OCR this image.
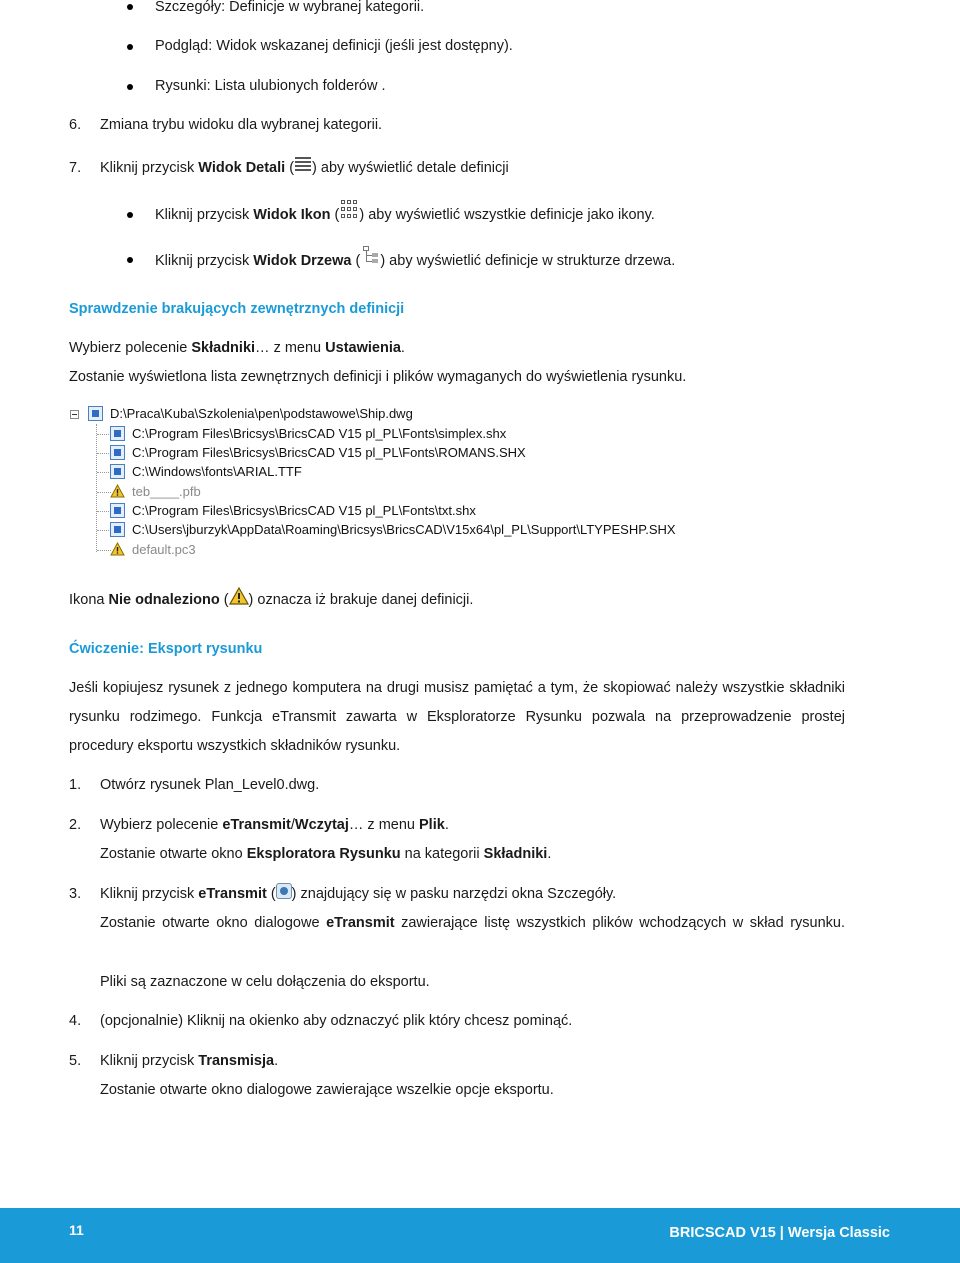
Szczegóły: Definicje w wybranej kategorii.
Podgląd: Widok wskazanej definicji (jeśli jest dostępny).
Rysunki: Lista ulubionych folderów .
6. Zmiana trybu widoku dla wybranej kategorii.
7. Kliknij przycisk Widok Detali ( ) aby wyświetlić detale definicji
Kliknij przycisk Widok Ikon ( ) aby wyświetlić wszystkie definicje jako ikony.
Kliknij przycisk Widok Drzewa ( ) aby wyświetlić definicje w strukturze drzewa.
Sprawdzenie brakujących zewnętrznych definicji
Wybierz polecenie Składniki… z menu Ustawienia.
Zostanie wyświetlona lista zewnętrznych definicji i plików wymaganych do wyświetlenia rysunku.
D:\Praca\Kuba\Szkolenia\pen\podstawowe\Ship.dwg
C:\Program Files\Bricsys\BricsCAD V15 pl_PL\Fonts\simplex.shx
C:\Program Files\Bricsys\BricsCAD V15 pl_PL\Fonts\ROMANS.SHX
C:\Windows\fonts\ARIAL.TTF
teb____.pfb
C:\Program Files\Bricsys\BricsCAD V15 pl_PL\Fonts\txt.shx
C:\Users\jburzyk\AppData\Roaming\Bricsys\BricsCAD\V15x64\pl_PL\Support\LTYPESHP.SHX
default.pc3
Ikona Nie odnaleziono ( ) oznacza iż brakuje danej definicji.
Ćwiczenie: Eksport rysunku
Jeśli kopiujesz rysunek z jednego komputera na drugi musisz pamiętać a tym, że skopiować należy wszystkie składniki
rysunku rodzimego. Funkcja eTransmit zawarta w Eksploratorze Rysunku pozwala na przeprowadzenie prostej
procedury eksportu wszystkich składników rysunku.
1. Otwórz rysunek Plan_Level0.dwg.
2. Wybierz polecenie eTransmit/Wczytaj… z menu Plik.
Zostanie otwarte okno Eksploratora Rysunku na kategorii Składniki.
3. Kliknij przycisk eTransmit ( ) znajdujący się w pasku narzędzi okna Szczegóły.
Zostanie otwarte okno dialogowe eTransmit zawierające listę wszystkich plików wchodzących w skład rysunku.
Pliki są zaznaczone w celu dołączenia do eksportu.
4. (opcjonalnie) Kliknij na okienko aby odznaczyć plik który chcesz pominąć.
5. Kliknij przycisk Transmisja.
Zostanie otwarte okno dialogowe zawierające wszelkie opcje eksportu.
11	BRICSCAD V15 | Wersja Classic
